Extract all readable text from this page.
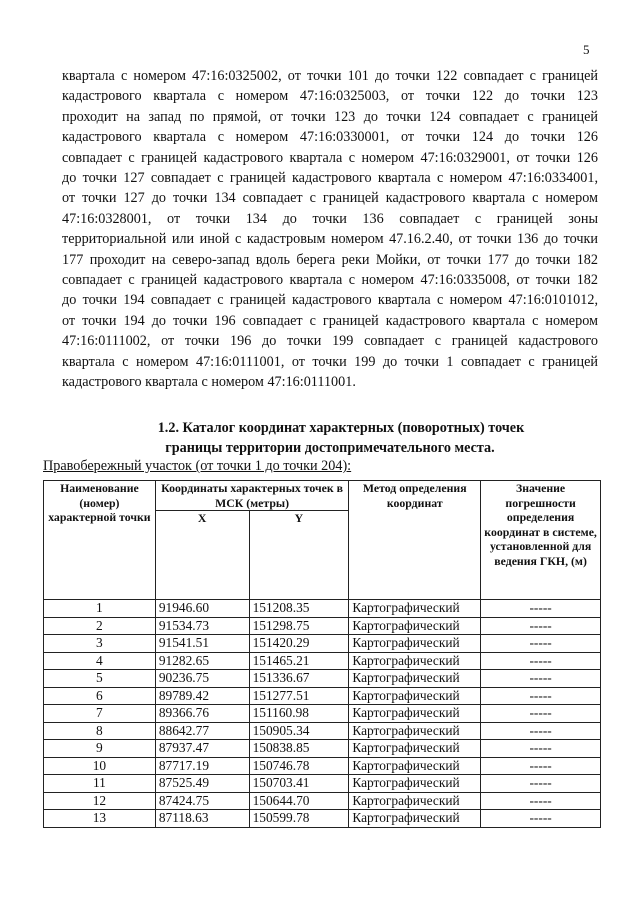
5
квартала с номером 47:16:0325002, от точки 101 до точки 122 совпадает с границей
кадастрового квартала с номером 47:16:0325003, от точки 122 до точки 123
проходит на запад по прямой, от точки 123 до точки 124 совпадает с границей
кадастрового квартала с номером 47:16:0330001, от точки 124 до точки 126
совпадает с границей кадастрового квартала с номером 47:16:0329001, от точки 126
до точки 127 совпадает с границей кадастрового квартала с номером 47:16:0334001,
от точки 127 до точки 134 совпадает с границей кадастрового квартала с номером
47:16:0328001, от точки 134 до точки 136 совпадает с границей зоны
территориальной или иной с кадастровым номером 47.16.2.40, от точки 136 до точки
177 проходит на северо-запад вдоль берега реки Мойки, от точки 177 до точки 182
совпадает с границей кадастрового квартала с номером 47:16:0335008, от точки 182
до точки 194 совпадает с границей кадастрового квартала с номером 47:16:0101012,
от точки 194 до точки 196 совпадает с границей кадастрового квартала с номером
47:16:0111002, от точки 196 до точки 199 совпадает с границей кадастрового
квартала с номером 47:16:0111001, от точки 199 до точки 1 совпадает с границей
кадастрового квартала с номером 47:16:0111001.
1.2. Каталог координат характерных (поворотных) точек
границы территории достопримечательного места.
Правобережный участок (от точки 1 до точки 204):
Наименование (номер) характерной точки	Координаты характерных точек в МСК (метры)		Метод определения координат	Значение погрешности определения координат в системе, установленной для ведения ГКН, (м)
	X	Y		
1	91946.60	151208.35	Картографический	-----
2	91534.73	151298.75	Картографический	-----
3	91541.51	151420.29	Картографический	-----
4	91282.65	151465.21	Картографический	-----
5	90236.75	151336.67	Картографический	-----
6	89789.42	151277.51	Картографический	-----
7	89366.76	151160.98	Картографический	-----
8	88642.77	150905.34	Картографический	-----
9	87937.47	150838.85	Картографический	-----
10	87717.19	150746.78	Картографический	-----
11	87525.49	150703.41	Картографический	-----
12	87424.75	150644.70	Картографический	-----
13	87118.63	150599.78	Картографический	-----
